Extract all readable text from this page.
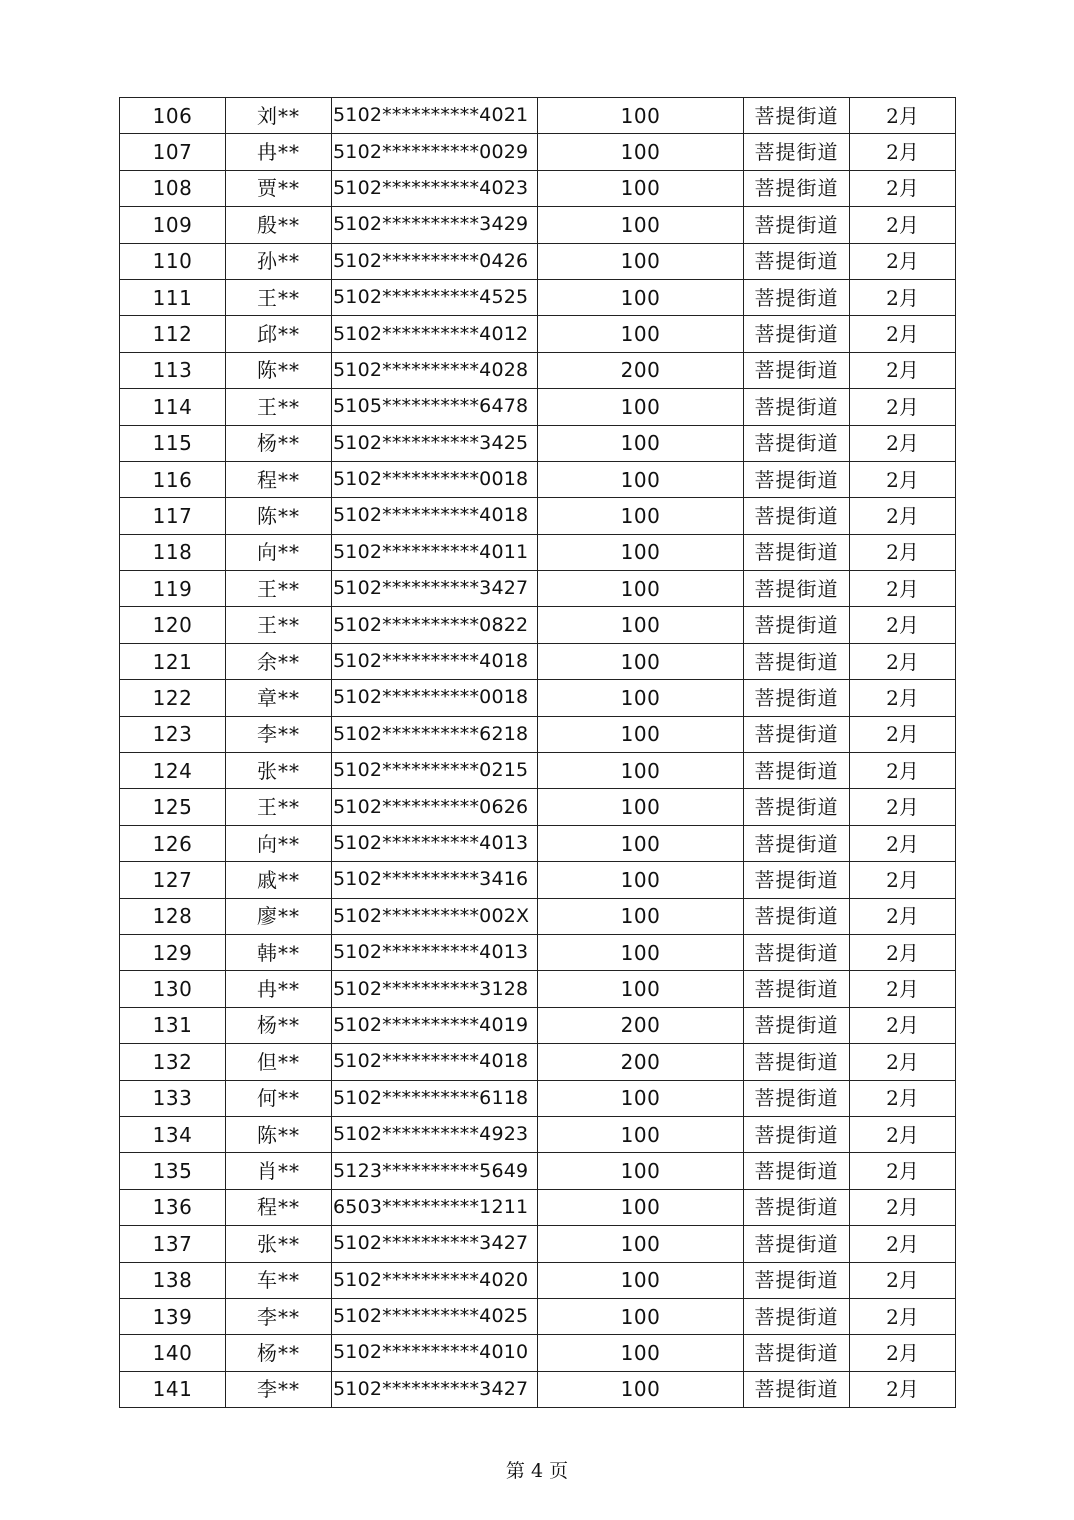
106	刘**	5102**********4021	100	菩提街道	2月
107	冉**	5102**********0029	100	菩提街道	2月
108	贾**	5102**********4023	100	菩提街道	2月
109	殷**	5102**********3429	100	菩提街道	2月
110	孙**	5102**********0426	100	菩提街道	2月
111	王**	5102**********4525	100	菩提街道	2月
112	邱**	5102**********4012	100	菩提街道	2月
113	陈**	5102**********4028	200	菩提街道	2月
114	王**	5105**********6478	100	菩提街道	2月
115	杨**	5102**********3425	100	菩提街道	2月
116	程**	5102**********0018	100	菩提街道	2月
117	陈**	5102**********4018	100	菩提街道	2月
118	向**	5102**********4011	100	菩提街道	2月
119	王**	5102**********3427	100	菩提街道	2月
120	王**	5102**********0822	100	菩提街道	2月
121	余**	5102**********4018	100	菩提街道	2月
122	章**	5102**********0018	100	菩提街道	2月
123	李**	5102**********6218	100	菩提街道	2月
124	张**	5102**********0215	100	菩提街道	2月
125	王**	5102**********0626	100	菩提街道	2月
126	向**	5102**********4013	100	菩提街道	2月
127	戚**	5102**********3416	100	菩提街道	2月
128	廖**	5102**********002X	100	菩提街道	2月
129	韩**	5102**********4013	100	菩提街道	2月
130	冉**	5102**********3128	100	菩提街道	2月
131	杨**	5102**********4019	200	菩提街道	2月
132	但**	5102**********4018	200	菩提街道	2月
133	何**	5102**********6118	100	菩提街道	2月
134	陈**	5102**********4923	100	菩提街道	2月
135	肖**	5123**********5649	100	菩提街道	2月
136	程**	6503**********1211	100	菩提街道	2月
137	张**	5102**********3427	100	菩提街道	2月
138	车**	5102**********4020	100	菩提街道	2月
139	李**	5102**********4025	100	菩提街道	2月
140	杨**	5102**********4010	100	菩提街道	2月
141	李**	5102**********3427	100	菩提街道	2月
第 4 页
